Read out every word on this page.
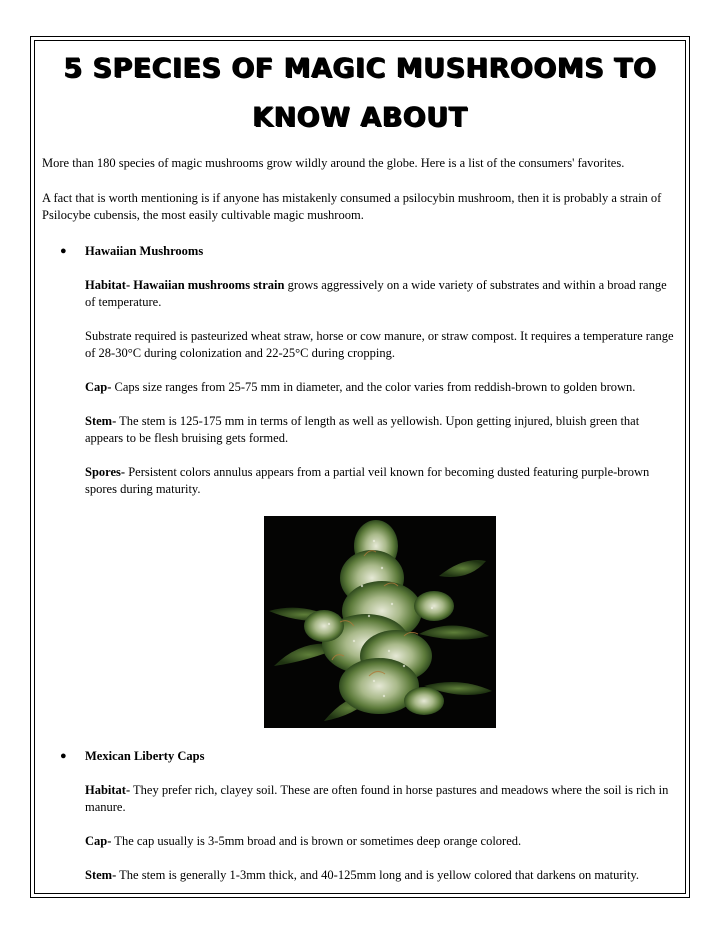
5 SPECIES OF MAGIC MUSHROOMS TO KNOW ABOUT

More than 180 species of magic mushrooms grow wildly around the globe. Here is a list of the consumers' favorites.

A fact that is worth mentioning is if anyone has mistakenly consumed a psilocybin mushroom, then it is probably a strain of Psilocybe cubensis, the most easily cultivable magic mushroom.

● Hawaiian Mushrooms
Habitat- Hawaiian mushrooms strain grows aggressively on a wide variety of substrates and within a broad range of temperature.
Substrate required is pasteurized wheat straw, horse or cow manure, or straw compost. It requires a temperature range of 28-30°C during colonization and 22-25°C during cropping.
Cap- Caps size ranges from 25-75 mm in diameter, and the color varies from reddish-brown to golden brown.
Stem- The stem is 125-175 mm in terms of length as well as yellowish. Upon getting injured, bluish green that appears to be flesh bruising gets formed.
Spores- Persistent colors annulus appears from a partial veil known for becoming dusted featuring purple-brown spores during maturity.
● Mexican Liberty Caps
Habitat- They prefer rich, clayey soil. These are often found in horse pastures and meadows where the soil is rich in manure.
Cap- The cap usually is 3-5mm broad and is brown or sometimes deep orange colored.
Stem- The stem is generally 1-3mm thick, and 40-125mm long and is yellow colored that darkens on maturity.
